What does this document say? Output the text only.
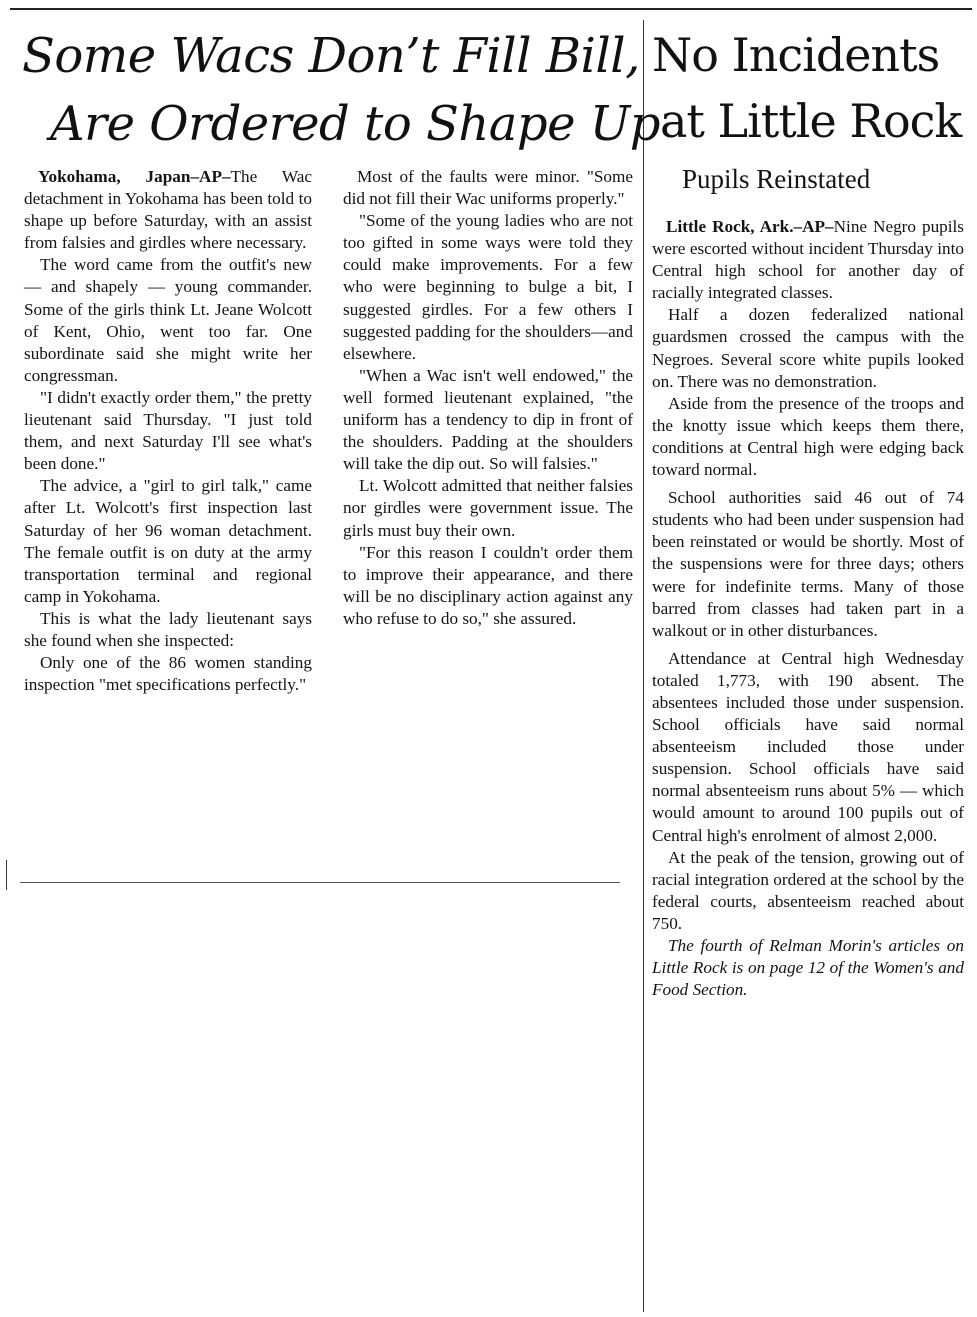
Some Wacs Don’t Fill Bill,
Are Ordered to Shape Up
No Incidents
at Little Rock
Pupils Reinstated

Yokohama, Japan–AP–The Wac detachment in Yokohama has been told to shape up before Saturday, with an assist from falsies and girdles where necessary.

The word came from the outfit's new — and shapely — young commander. Some of the girls think Lt. Jeane Wolcott of Kent, Ohio, went too far. One subordinate said she might write her congressman.

"I didn't exactly order them," the pretty lieutenant said Thursday. "I just told them, and next Saturday I'll see what's been done."

The advice, a "girl to girl talk," came after Lt. Wolcott's first inspection last Saturday of her 96 woman detachment. The female outfit is on duty at the army transportation terminal and regional camp in Yokohama.

This is what the lady lieutenant says she found when she inspected:

Only one of the 86 women standing inspection "met specifications perfectly."

Most of the faults were minor. "Some did not fill their Wac uniforms properly."

"Some of the young ladies who are not too gifted in some ways were told they could make improvements. For a few who were beginning to bulge a bit, I suggested girdles. For a few others I suggested padding for the shoulders—and elsewhere.

"When a Wac isn't well endowed," the well formed lieutenant explained, "the uniform has a tendency to dip in front of the shoulders. Padding at the shoulders will take the dip out. So will falsies."

Lt. Wolcott admitted that neither falsies nor girdles were government issue. The girls must buy their own.

"For this reason I couldn't order them to improve their appearance, and there will be no disciplinary action against any who refuse to do so," she assured.

Little Rock, Ark.–AP–Nine Negro pupils were escorted without incident Thursday into Central high school for another day of racially integrated classes.

Half a dozen federalized national guardsmen crossed the campus with the Negroes. Several score white pupils looked on. There was no demonstration.

Aside from the presence of the troops and the knotty issue which keeps them there, conditions at Central high were edging back toward normal.

School authorities said 46 out of 74 students who had been under suspension had been reinstated or would be shortly. Most of the suspensions were for three days; others were for indefinite terms. Many of those barred from classes had taken part in a walkout or in other disturbances.

Attendance at Central high Wednesday totaled 1,773, with 190 absent. The absentees included those under suspension. School officials have said normal absenteeism included those under suspension. School officials have said normal absenteeism runs about 5% — which would amount to around 100 pupils out of Central high's enrolment of almost 2,000.

At the peak of the tension, growing out of racial integration ordered at the school by the federal courts, absenteeism reached about 750.

The fourth of Relman Morin's articles on Little Rock is on page 12 of the Women's and Food Section.
